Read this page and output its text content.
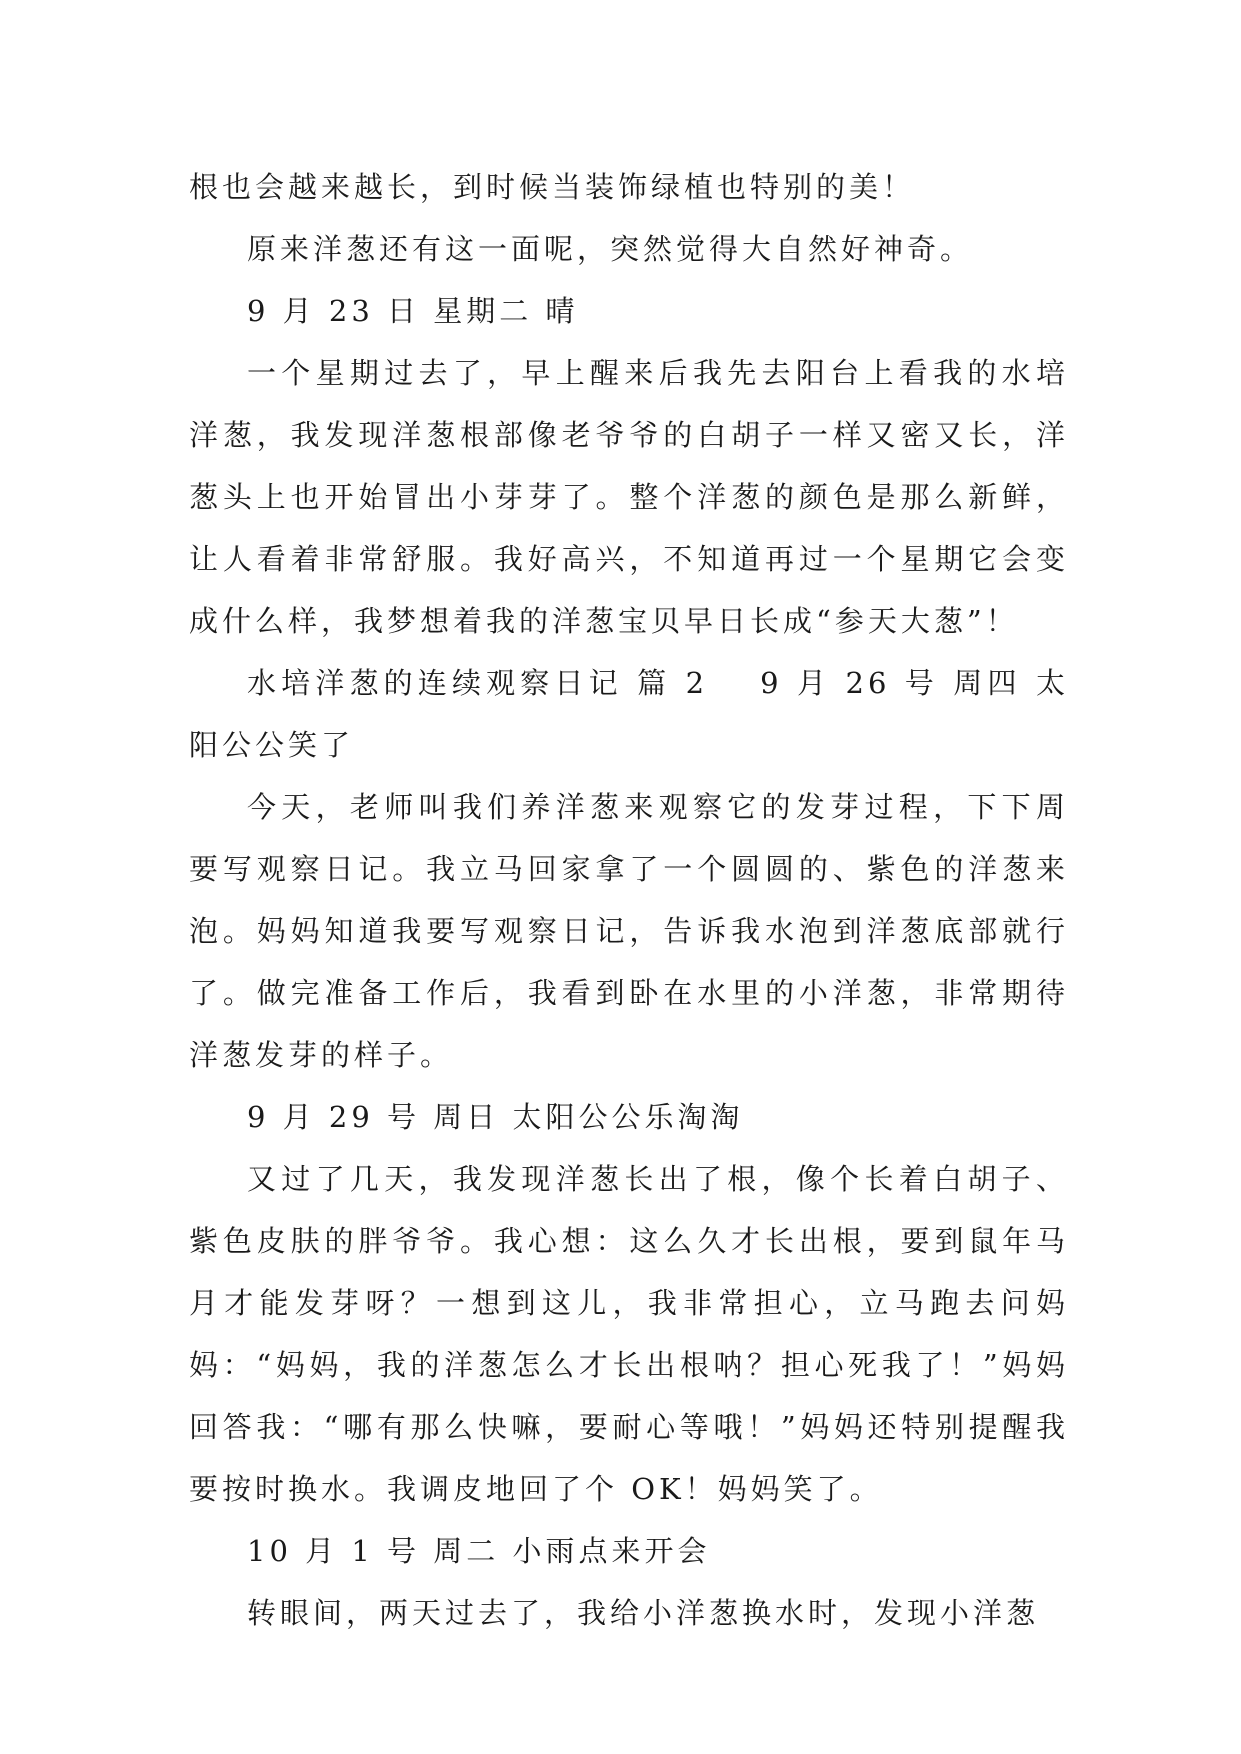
根也会越来越长，到时候当装饰绿植也特别的美！

原来洋葱还有这一面呢，突然觉得大自然好神奇。

9 月 23 日 星期二 晴

一个星期过去了，早上醒来后我先去阳台上看我的水培洋葱，我发现洋葱根部像老爷爷的白胡子一样又密又长，洋葱头上也开始冒出小芽芽了。整个洋葱的颜色是那么新鲜，让人看着非常舒服。我好高兴，不知道再过一个星期它会变成什么样，我梦想着我的洋葱宝贝早日长成“参天大葱”！

水培洋葱的连续观察日记 篇 2 9 月 26 号 周四 太阳公公笑了

今天，老师叫我们养洋葱来观察它的发芽过程，下下周要写观察日记。我立马回家拿了一个圆圆的、紫色的洋葱来泡。妈妈知道我要写观察日记，告诉我水泡到洋葱底部就行了。做完准备工作后，我看到卧在水里的小洋葱，非常期待洋葱发芽的样子。

9 月 29 号 周日 太阳公公乐淘淘

又过了几天，我发现洋葱长出了根，像个长着白胡子、紫色皮肤的胖爷爷。我心想：这么久才长出根，要到鼠年马月才能发芽呀？一想到这儿，我非常担心，立马跑去问妈妈：“妈妈，我的洋葱怎么才长出根呐？担心死我了！”妈妈回答我：“哪有那么快嘛，要耐心等哦！”妈妈还特别提醒我要按时换水。我调皮地回了个 OK！妈妈笑了。

10 月 1 号 周二 小雨点来开会

转眼间，两天过去了，我给小洋葱换水时，发现小洋葱
